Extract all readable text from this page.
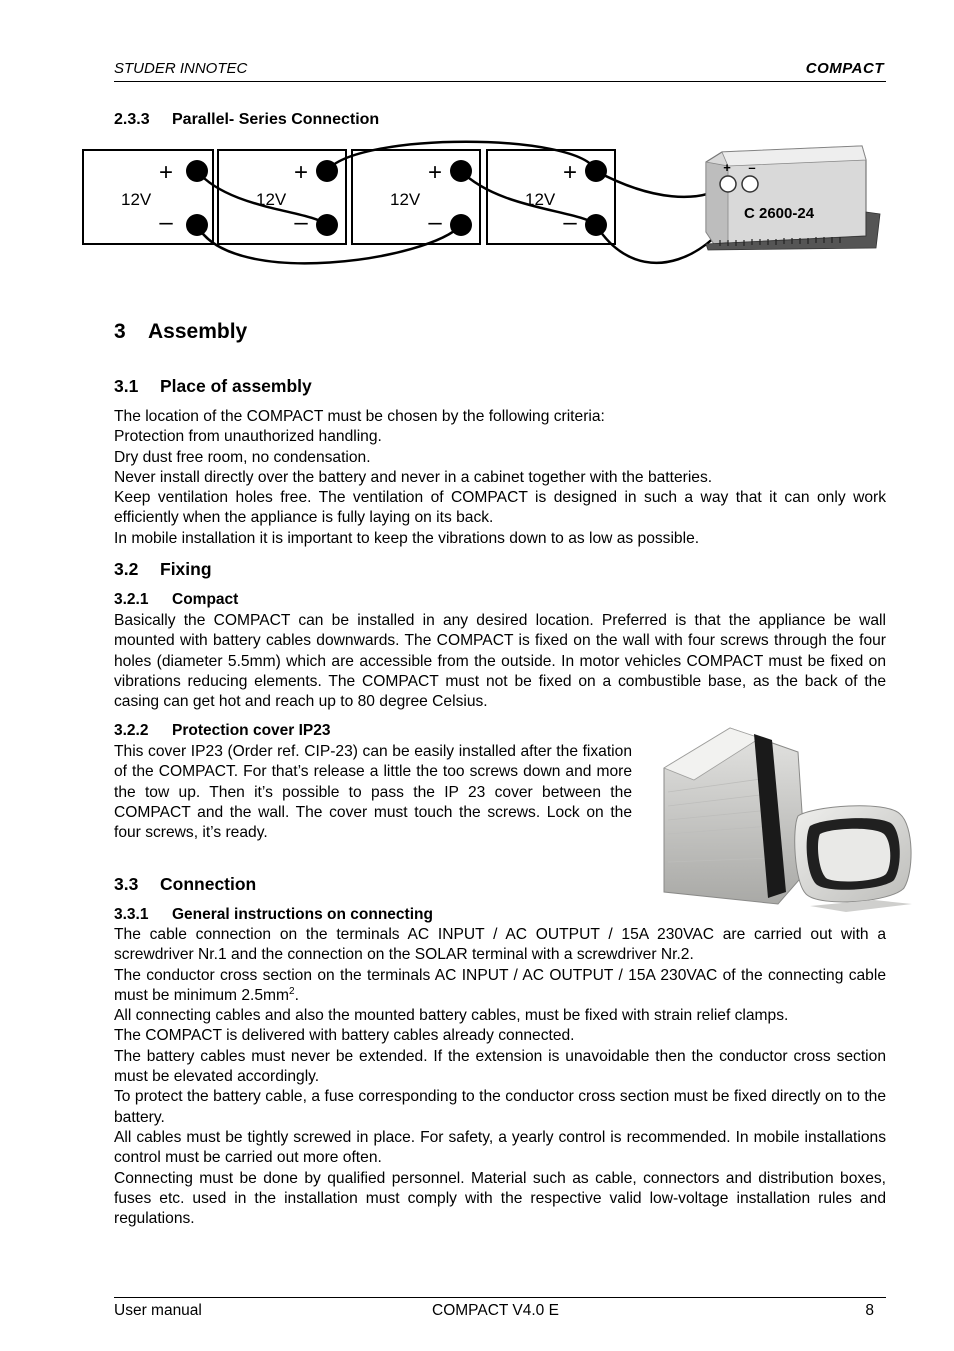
STUDER INNOTEC	COMPACT
2.3.3 Parallel- Series Connection
+
–
+
–
+
–
+
–
12V	12V	12V	12V
+ –
C 2600-24
3 Assembly
3.1 Place of assembly

The location of the COMPACT must be chosen by the following criteria:

Protection from unauthorized handling.

Dry dust free room, no condensation.

Never install directly over the battery and never in a cabinet together with the batteries.

Keep ventilation holes free. The ventilation of COMPACT is designed in such a way that it can only work efficiently when the appliance is fully laying on its back.

In mobile installation it is important to keep the vibrations down to as low as possible.

3.2 Fixing
3.2.1 Compact

Basically the COMPACT can be installed in any desired location. Preferred is that the appliance be wall mounted with battery cables downwards. The COMPACT is fixed on the wall with four screws through the four holes (diameter 5.5mm) which are accessible from the outside. In motor vehicles COMPACT must be fixed on vibrations reducing elements. The COMPACT must not be fixed on a combustible base, as the back of the casing can get hot and reach up to 80 degree Celsius.

3.2.2 Protection cover IP23

This cover IP23 (Order ref. CIP-23) can be easily installed after the fixation of the COMPACT. For that’s release a little the too screws down and more the tow up. Then it’s possible to pass the IP 23 cover between the COMPACT and the wall. The cover must touch the screws. Lock on the four screws, it’s ready.

3.3 Connection
3.3.1 General instructions on connecting

The cable connection on the terminals AC INPUT / AC OUTPUT / 15A 230VAC are carried out with a screwdriver Nr.1 and the connection on the SOLAR terminal with a screwdriver Nr.2.

The conductor cross section on the terminals AC INPUT / AC OUTPUT / 15A 230VAC of the connecting cable must be minimum $2.5mm^2$.

All connecting cables and also the mounted battery cables, must be fixed with strain relief clamps.

The COMPACT is delivered with battery cables already connected.

The battery cables must never be extended. If the extension is unavoidable then the conductor cross section must be elevated accordingly.

To protect the battery cable, a fuse corresponding to the conductor cross section must be fixed directly on to the battery.

All cables must be tightly screwed in place. For safety, a yearly control is recommended. In mobile installations control must be carried out more often.

Connecting must be done by qualified personnel. Material such as cable, connectors and distribution boxes, fuses etc. used in the installation must comply with the respective valid low-voltage installation rules and regulations.

User manual	COMPACT V4.0 E	8
